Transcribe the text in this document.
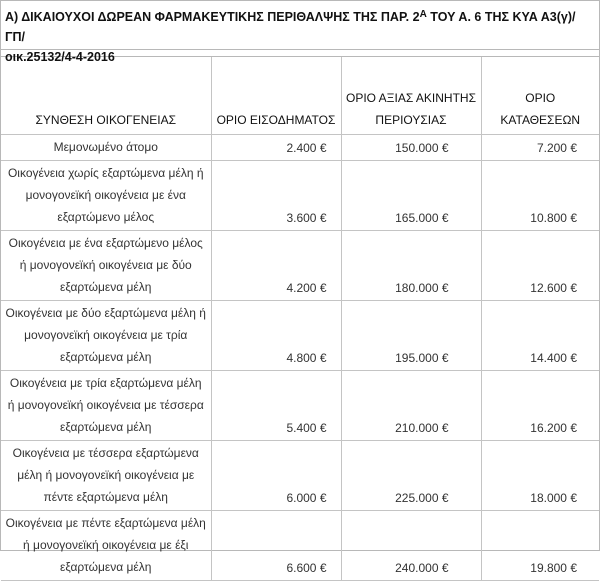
Α) ΔΙΚΑΙΟΥΧΟΙ ΔΩΡΕΑΝ ΦΑΡΜΑΚΕΥΤΙΚΗΣ ΠΕΡΙΘΑΛΨΗΣ ΤΗΣ ΠΑΡ. $2^A$ ΤΟΥ Α. 6 ΤΗΣ ΚΥΑ Α3(γ)/ΓΠ/
οικ.25132/4-4-2016
ΣΥΝΘΕΣΗ ΟΙΚΟΓΕΝΕΙΑΣ	ΟΡΙΟ ΕΙΣΟΔΗΜΑΤΟΣ	ΟΡΙΟ ΑΞΙΑΣ ΑΚΙΝΗΤΗΣ ΠΕΡΙΟΥΣΙΑΣ	ΟΡΙΟ ΚΑΤΑΘΕΣΕΩΝ
Μεμονωμένο άτομο	2.400 €	150.000 €	7.200 €
Οικογένεια χωρίς εξαρτώμενα μέλη ή μονογονεϊκή οικογένεια με ένα εξαρτώμενο μέλος	3.600 €	165.000 €	10.800 €
Οικογένεια με ένα εξαρτώμενο μέλος ή μονογονεϊκή οικογένεια με δύο εξαρτώμενα μέλη	4.200 €	180.000 €	12.600 €
Οικογένεια με δύο εξαρτώμενα μέλη ή μονογονεϊκή οικογένεια με τρία εξαρτώμενα μέλη	4.800 €	195.000 €	14.400 €
Οικογένεια με τρία εξαρτώμενα μέλη ή μονογονεϊκή οικογένεια με τέσσερα εξαρτώμενα μέλη	5.400 €	210.000 €	16.200 €
Οικογένεια με τέσσερα εξαρτώμενα μέλη ή μονογονεϊκή οικογένεια με πέντε εξαρτώμενα μέλη	6.000 €	225.000 €	18.000 €
Οικογένεια με πέντε εξαρτώμενα μέλη ή μονογονεϊκή οικογένεια με έξι εξαρτώμενα μέλη	6.600 €	240.000 €	19.800 €
